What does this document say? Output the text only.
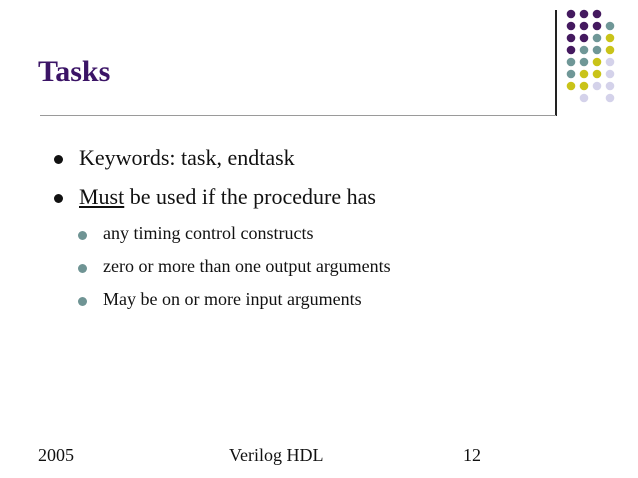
Tasks
Keywords: task, endtask
Must be used if the procedure has
any timing control constructs
zero or more than one output arguments
May be on or more input arguments
2005	Verilog HDL	12
